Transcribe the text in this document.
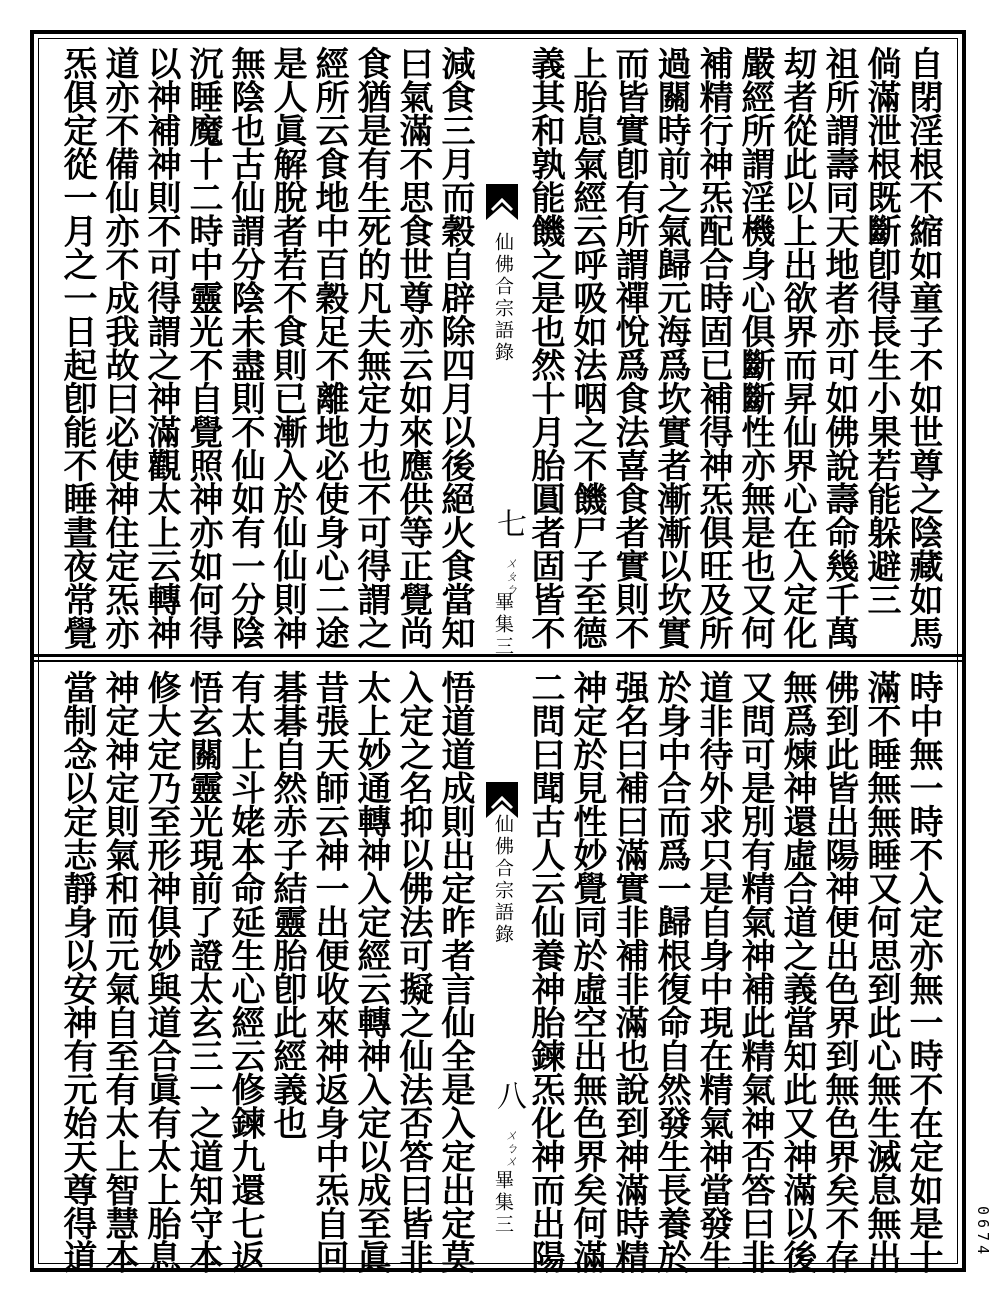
自閉淫根不縮如童子不如世尊之陰藏如馬
倘滿泄根既斷卽得長生小果若能躲避三
祖所謂壽同天地者亦可如佛說壽命幾千萬
刧者從此以上出欲界而昇仙界心在入定化
嚴經所謂淫機身心俱斷斷性亦無是也又何
補精行神炁配合時固已補得神炁俱旺及所
過關時前之氣歸元海爲坎實者漸漸以坎實
而皆實卽有所謂禪悅爲食法喜食者實則不
上胎息氣經云呼吸如法咽之不饑尸子至德
義其和孰能饑之是也然十月胎圓者固皆不
仙佛合宗語錄
七
ㄨㄆㄅ
畢集三
減食三月而穀自辟除四月以後絕火食當知
曰氣滿不思食世尊亦云如來應供等正覺尚
食猶是有生死的凡夫無定力也不可得謂之
經所云食地中百穀足不離地必使身心二途
是人眞解脫者若不食則已漸入於仙仙則神
無陰也古仙謂分陰未盡則不仙如有一分陰
沉睡魔十二時中靈光不自覺照神亦如何得
以神補神則不可得謂之神滿觀太上云轉神
道亦不備仙亦不成我故曰必使神住定炁亦
炁俱定從一月之一日起卽能不睡晝夜常覺
時中無一時不入定亦無一時不在定如是十
滿不睡無無睡又何思到此心無生滅息無出
佛到此皆出陽神便出色界到無色界矣不存
無爲煉神還虛合道之義當知此又神滿以後
又問可是別有精氣神補此精氣神否答曰非
道非待外求只是自身中現在精氣神當發生
於身中合而爲一歸根復命自然發生長養於
强名曰補曰滿實非補非滿也說到神滿時精
神定於見性妙覺同於虛空出無色界矣何滿
二問曰聞古人云仙養神胎鍊炁化神而出陽
仙佛合宗語錄
八
ㄨㄅㄨ
畢集三
悟道道成則出定昨者言仙全是入定出定莫
入定之名抑以佛法可擬之仙法否答曰皆非
太上妙通轉神入定經云轉神入定以成至眞
昔張天師云神一出便收來神返身中炁自回
碁碁自然赤子結靈胎卽此經義也
有太上斗姥本命延生心經云修鍊九還七返
悟玄關靈光現前了證太玄三一之道知守本
修大定乃至形神俱妙與道合眞有太上胎息
神定神定則氣和而元氣自至有太上智慧本
當制念以定志靜身以安神有元始天尊得道	0674
